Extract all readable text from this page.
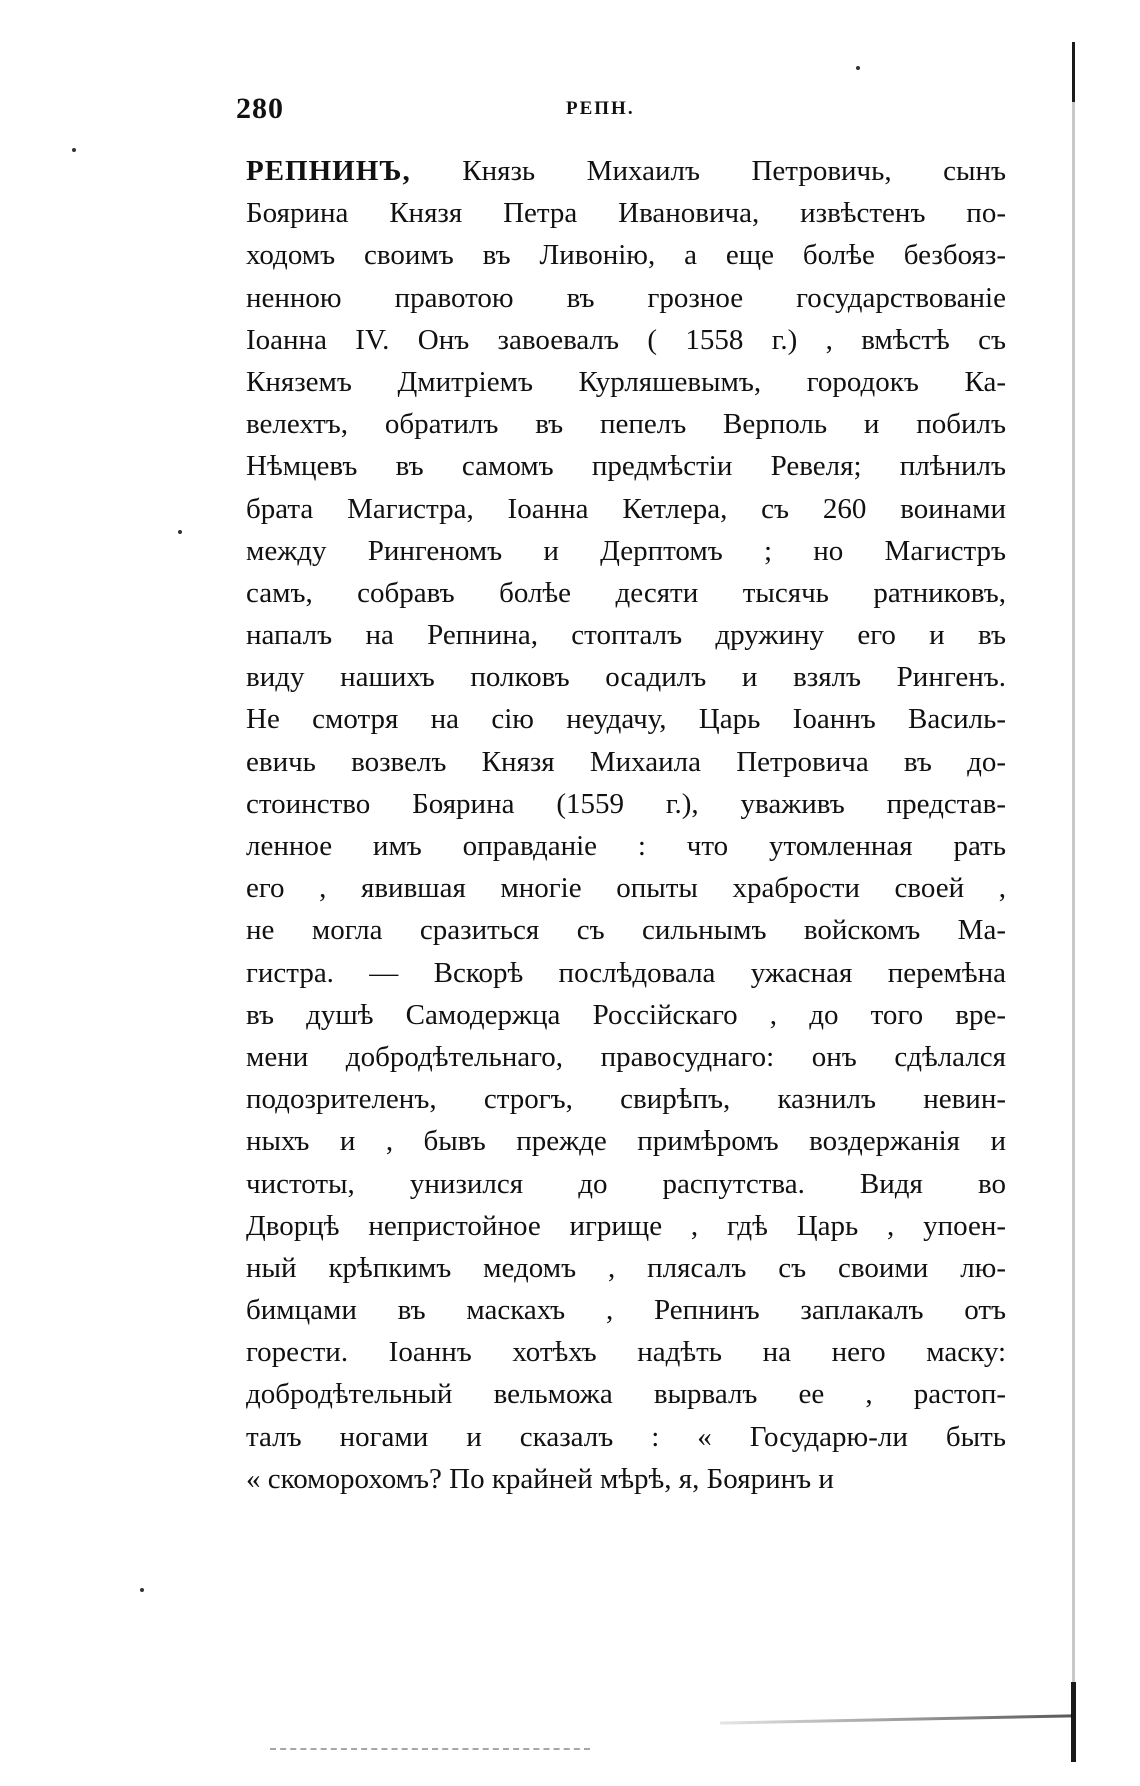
280	РЕПН.
РЕПНИНЪ, Князь Михаилъ Петровичь, сынъ
Боярина Князя Петра Ивановича, извѣстенъ по-
ходомъ своимъ въ Ливонію, а еще болѣе безбояз-
ненною правотою въ грозное государствованіе
Іоанна IV. Онъ завоевалъ ( 1558 г.) , вмѣстѣ съ
Княземъ Дмитріемъ Курляшевымъ, городокъ Ка-
велехтъ, обратилъ въ пепелъ Верполь и побилъ
Нѣмцевъ въ самомъ предмѣстіи Ревеля; плѣнилъ
брата Магистра, Іоанна Кетлера, съ 260 воинами
между Рингеномъ и Дерптомъ ; но Магистръ
самъ, собравъ болѣе десяти тысячь ратниковъ,
напалъ на Репнина, стопталъ дружину его и въ
виду нашихъ полковъ осадилъ и взялъ Рингенъ.
Не смотря на сію неудачу, Царь Іоаннъ Василь-
евичь возвелъ Князя Михаила Петровича въ до-
стоинство Боярина (1559 г.), уваживъ представ-
ленное имъ оправданіе : что утомленная рать
его , явившая многіе опыты храбрости своей ,
не могла сразиться съ сильнымъ войскомъ Ма-
гистра. — Вскорѣ послѣдовала ужасная перемѣна
въ душѣ Самодержца Россійскаго , до того вре-
мени добродѣтельнаго, правосуднаго: онъ сдѣлался
подозрителенъ, строгъ, свирѣпъ, казнилъ невин-
ныхъ и , бывъ прежде примѣромъ воздержанія и
чистоты, унизился до распутства. Видя во
Дворцѣ непристойное игрище , гдѣ Царь , упоен-
ный крѣпкимъ медомъ , плясалъ съ своими лю-
бимцами въ маскахъ , Репнинъ заплакалъ отъ
горести. Іоаннъ хотѣхъ надѣть на него маску:
добродѣтельный вельможа вырвалъ ее , растоп-
талъ ногами и сказалъ : « Государю-ли быть
« скоморохомъ? По крайней мѣрѣ, я, Бояринъ и
